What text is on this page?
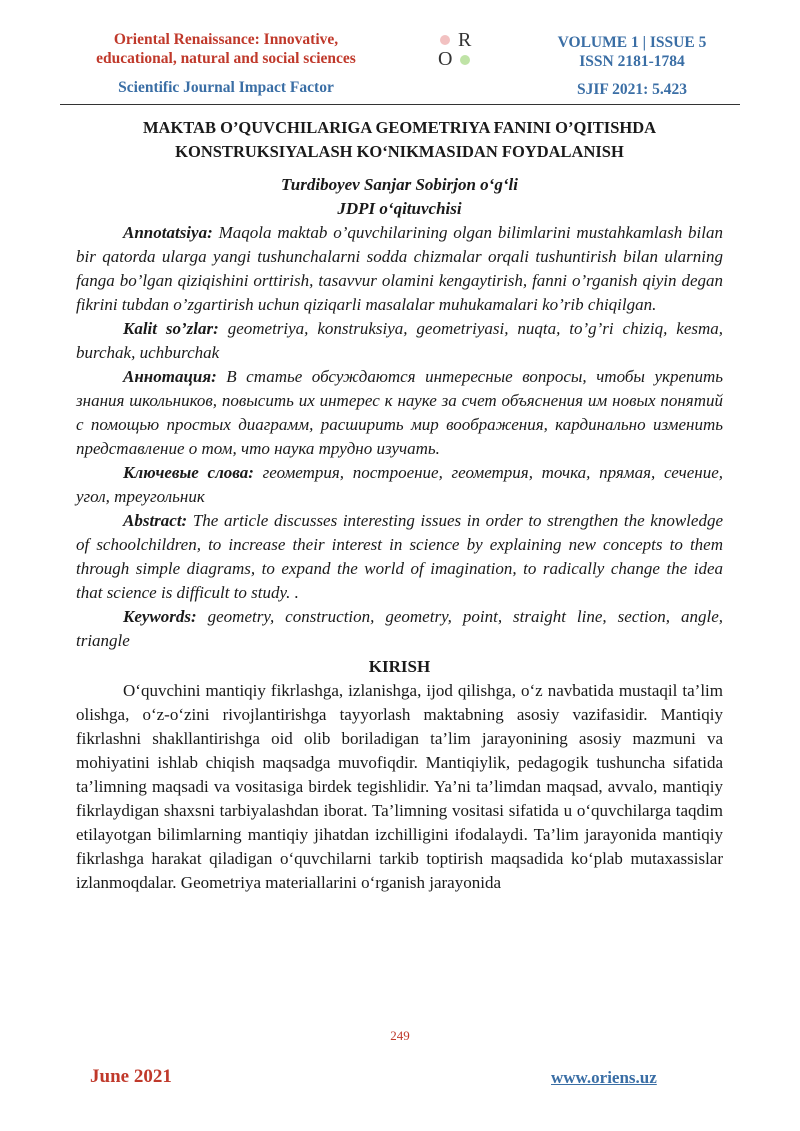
Oriental Renaissance: Innovative,
educational, natural and social sciences
Scientific Journal Impact Factor
R
O
VOLUME 1 | ISSUE 5
ISSN 2181-1784
SJIF 2021: 5.423
MAKTAB O’QUVCHILARIGA GEOMETRIYA FANINI O’QITISHDA
KONSTRUKSIYALASH KO‘NIKMASIDAN FOYDALANISH
Turdiboyev Sanjar Sobirjon o‘g‘li
JDPI o‘qituvchisi

Annotatsiya: Maqola maktab o’quvchilarining olgan bilimlarini mustahkamlash bilan bir qatorda ularga yangi tushunchalarni sodda chizmalar orqali tushuntirish bilan ularning fanga bo’lgan qiziqishini orttirish, tasavvur olamini kengaytirish, fanni o’rganish qiyin degan fikrini tubdan o’zgartirish uchun qiziqarli masalalar muhukamalari ko’rib chiqilgan.

Kalit so’zlar: geometriya, konstruksiya, geometriyasi, nuqta, to’g’ri chiziq, kesma, burchak, uchburchak

Аннотация: В статье обсуждаются интересные вопросы, чтобы укрепить знания школьников, повысить их интерес к науке за счет объяснения им новых понятий с помощью простых диаграмм, расширить мир воображения, кардинально изменить представление о том, что наука трудно изучать.

Ключевые слова: геометрия, построение, геометрия, точка, прямая, сечение, угол, треугольник

Abstract: The article discusses interesting issues in order to strengthen the knowledge of schoolchildren, to increase their interest in science by explaining new concepts to them through simple diagrams, to expand the world of imagination, to radically change the idea that science is difficult to study. .

Keywords: geometry, construction, geometry, point, straight line, section, angle, triangle

KIRISH

O‘quvchini mantiqiy fikrlashga, izlanishga, ijod qilishga, o‘z navbatida mustaqil ta’lim olishga, o‘z-o‘zini rivojlantirishga tayyorlash maktabning asosiy vazifasidir. Mantiqiy fikrlashni shakllantirishga oid olib boriladigan ta’lim jarayonining asosiy mazmuni va mohiyatini ishlab chiqish maqsadga muvofiqdir. Mantiqiylik, pedagogik tushuncha sifatida ta’limning maqsadi va vositasiga birdek tegishlidir. Ya’ni ta’limdan maqsad, avvalo, mantiqiy fikrlaydigan shaxsni tarbiyalashdan iborat. Ta’limning vositasi sifatida u o‘quvchilarga taqdim etilayotgan bilimlarning mantiqiy jihatdan izchilligini ifodalaydi. Ta’lim jarayonida mantiqiy fikrlashga harakat qiladigan o‘quvchilarni tarkib toptirish maqsadida ko‘plab mutaxassislar izlanmoqdalar. Geometriya materiallarini o‘rganish jarayonida

249
June 2021	www.oriens.uz
